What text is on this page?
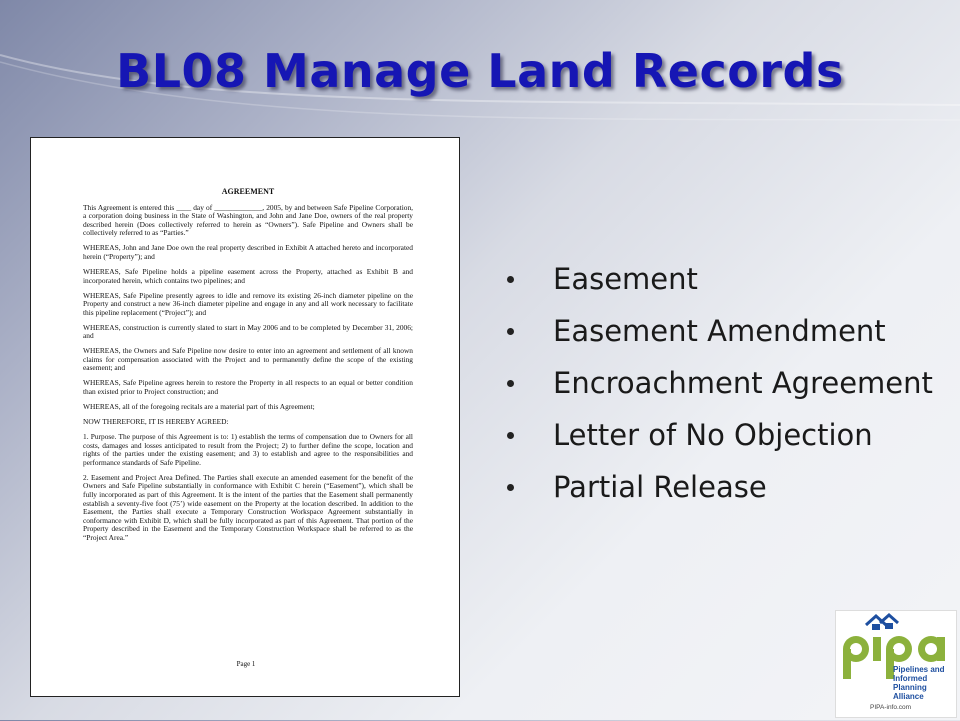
BL08 Manage Land Records
AGREEMENT

This Agreement is entered this ____ day of _____________, 2005, by and between Safe Pipeline Corporation, a corporation doing business in the State of Washington, and John and Jane Doe, owners of the real property described herein (Does collectively referred to herein as “Owners”). Safe Pipeline and Owners shall be collectively referred to as “Parties.”

WHEREAS, John and Jane Doe own the real property described in Exhibit A attached hereto and incorporated herein (“Property”); and

WHEREAS, Safe Pipeline holds a pipeline easement across the Property, attached as Exhibit B and incorporated herein, which contains two pipelines; and

WHEREAS, Safe Pipeline presently agrees to idle and remove its existing 26-inch diameter pipeline on the Property and construct a new 36-inch diameter pipeline and engage in any and all work necessary to facilitate this pipeline replacement (“Project”); and

WHEREAS, construction is currently slated to start in May 2006 and to be completed by December 31, 2006; and

WHEREAS, the Owners and Safe Pipeline now desire to enter into an agreement and settlement of all known claims for compensation associated with the Project and to permanently define the scope of the existing easement; and

WHEREAS, Safe Pipeline agrees herein to restore the Property in all respects to an equal or better condition than existed prior to Project construction; and

WHEREAS, all of the foregoing recitals are a material part of this Agreement;

NOW THEREFORE, IT IS HEREBY AGREED:

1. Purpose. The purpose of this Agreement is to: 1) establish the terms of compensation due to Owners for all costs, damages and losses anticipated to result from the Project; 2) to further define the scope, location and rights of the parties under the existing easement; and 3) to establish and agree to the responsibilities and performance standards of Safe Pipeline.

2. Easement and Project Area Defined. The Parties shall execute an amended easement for the benefit of the Owners and Safe Pipeline substantially in conformance with Exhibit C herein (“Easement”), which shall be fully incorporated as part of this Agreement. It is the intent of the parties that the Easement shall permanently establish a seventy-five foot (75’) wide easement on the Property at the location described. In addition to the Easement, the Parties shall execute a Temporary Construction Workspace Agreement substantially in conformance with Exhibit D, which shall be fully incorporated as part of this Agreement. That portion of the Property described in the Easement and the Temporary Construction Workspace shall be referred to as the “Project Area.”

Page 1
Easement
Easement Amendment
Encroachment Agreement
Letter of No Objection
Partial Release
Pipelines and
Informed
Planning
Alliance
PIPA-info.com
